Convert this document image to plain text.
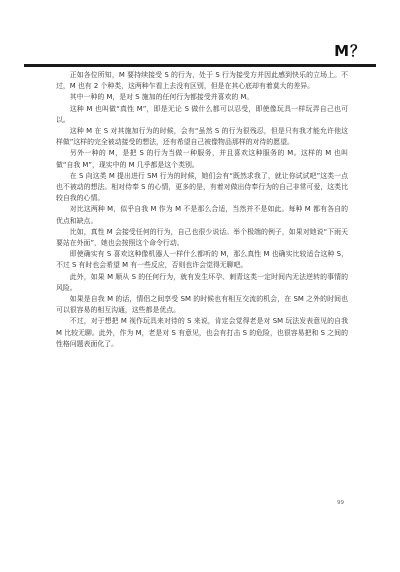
M？

正如各位所知，M 要持续接受 S 的行为，处于 S 行为接受方并因此感到快乐的立场上。不过，M 也有 2 个种类，这两种乍看上去没有区别，但是在其心底却有着莫大的差异。

其中一种的 M，是对 S 施加的任何行为都接受并喜欢的 M。

这种 M 也叫做“真性 M”，即是无论 S 做什么都可以忍受，即使像玩具一样玩弄自己也可以。

这种 M 在 S 对其施加行为的时候，会有“虽然 S 的行为很残忍，但是只有我才能允许他这样做”这样的完全被动接受的想法，还有希望自己被像物品那样的对待的愿望。

另外一种的 M，是把 S 的行为当做一种服务，并且喜欢这种服务的 M。这样的 M 也叫做“自我 M”，现实中的 M 几乎都是这个类别。

在 S 向这类 M 提出进行 SM 行为的时候，她们会有“既然求我了，就让你试试吧”这类一点也不被动的想法。相对侍奉 S 的心情，更多的是，有着对做出侍奉行为的自己非常可爱，这类比较自我的心情。

对比这两种 M，似乎自我 M 作为 M 不是那么合适，当然并不是如此。每种 M 都有各自的优点和缺点。

比如，真性 M 会接受任何的行为，自己也很少说话。举个极端的例子，如果对她说“下雨天要站在外面”，她也会按照这个命令行动。

即使确实有 S 喜欢这种像机器人一样什么都听的 M，那么真性 M 也确实比较适合这种 S，不过 S 有时也会希望 M 有一些反应，否则也许会觉得无聊吧。

此外，如果 M 顺从 S 的任何行为，就有发生坏孕、刺青这类一定时间内无法逆转的事情的风险。

如果是自我 M 的话，情侣之间享受 SM 的时候也有相互交流的机会，在 SM 之外的时间也可以很容易的相互沟通，这些都是优点。

不过，对于想把 M 视作玩具来对待的 S 来说，肯定会觉得老是对 SM 玩法发表意见的自我 M 比较无聊。此外，作为 M，老是对 S 有意见，也会有打击 S 的危险，也很容易把和 S 之间的性格问题表面化了。

99
